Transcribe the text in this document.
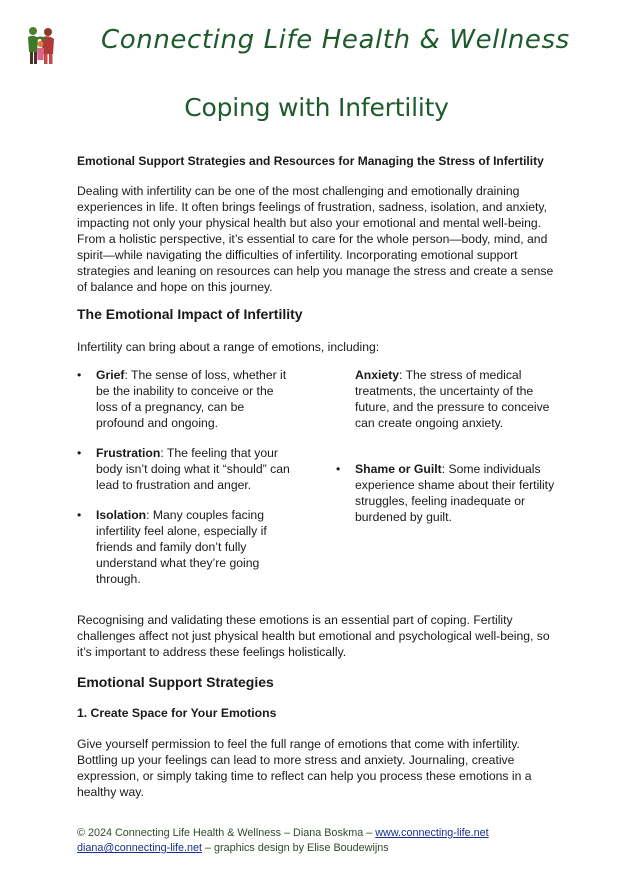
Connecting Life Health & Wellness
Coping with Infertility
Emotional Support Strategies and Resources for Managing the Stress of Infertility
Dealing with infertility can be one of the most challenging and emotionally draining experiences in life. It often brings feelings of frustration, sadness, isolation, and anxiety, impacting not only your physical health but also your emotional and mental well-being. From a holistic perspective, it’s essential to care for the whole person—body, mind, and spirit—while navigating the difficulties of infertility. Incorporating emotional support strategies and leaning on resources can help you manage the stress and create a sense of balance and hope on this journey.
The Emotional Impact of Infertility
Infertility can bring about a range of emotions, including:
• Grief: The sense of loss, whether it be the inability to conceive or the loss of a pregnancy, can be profound and ongoing.
• Frustration: The feeling that your body isn’t doing what it “should” can lead to frustration and anger.
• Isolation: Many couples facing infertility feel alone, especially if friends and family don’t fully understand what they’re going through.
Anxiety: The stress of medical treatments, the uncertainty of the future, and the pressure to conceive can create ongoing anxiety.
• Shame or Guilt: Some individuals experience shame about their fertility struggles, feeling inadequate or burdened by guilt.
Recognising and validating these emotions is an essential part of coping. Fertility challenges affect not just physical health but emotional and psychological well-being, so it’s important to address these feelings holistically.
Emotional Support Strategies
1. Create Space for Your Emotions
Give yourself permission to feel the full range of emotions that come with infertility. Bottling up your feelings can lead to more stress and anxiety. Journaling, creative expression, or simply taking time to reflect can help you process these emotions in a healthy way.
© 2024 Connecting Life Health & Wellness – Diana Boskma – www.connecting-life.net
diana@connecting-life.net – graphics design by Elise Boudewijns
